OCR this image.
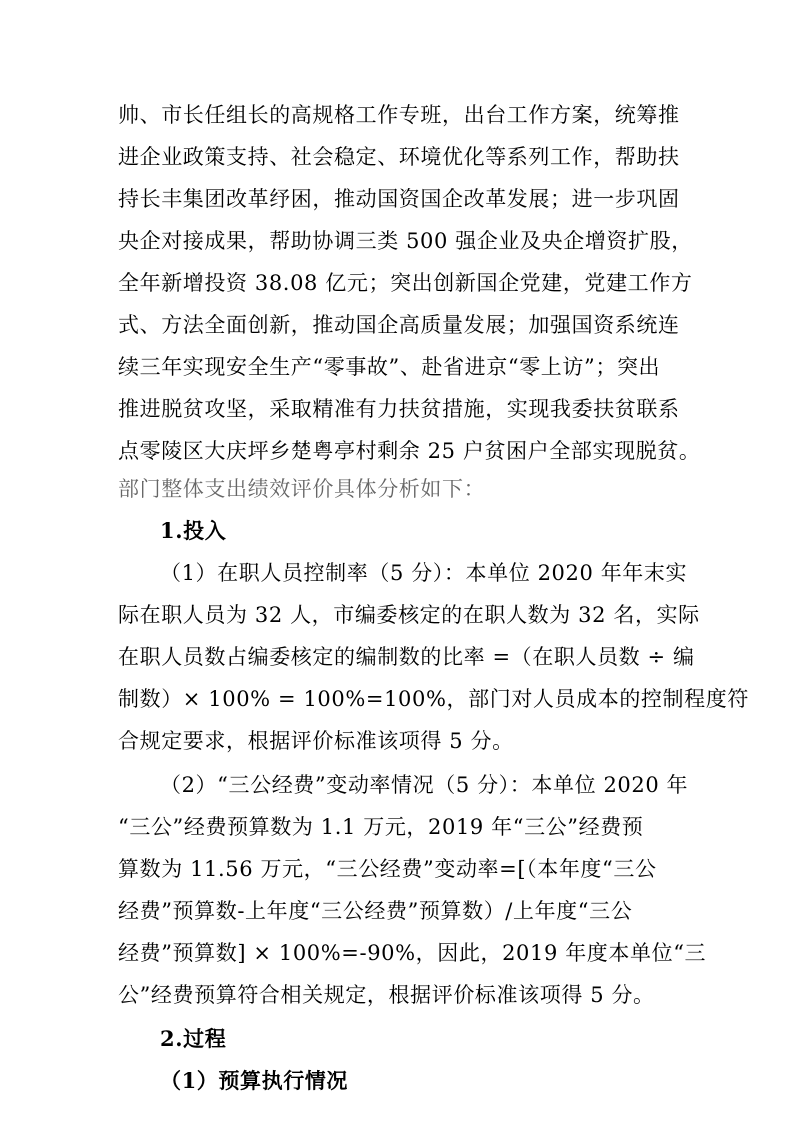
帅、市长任组长的高规格工作专班，出台工作方案，统筹推
进企业政策支持、社会稳定、环境优化等系列工作，帮助扶
持长丰集团改革纾困，推动国资国企改革发展；进一步巩固
央企对接成果，帮助协调三类 500 强企业及央企增资扩股，
全年新增投资 38.08 亿元；突出创新国企党建，党建工作方
式、方法全面创新，推动国企高质量发展；加强国资系统连
续三年实现安全生产“零事故”、赴省进京“零上访”；突出
推进脱贫攻坚，采取精准有力扶贫措施，实现我委扶贫联系
点零陵区大庆坪乡楚粤亭村剩余 25 户贫困户全部实现脱贫。
部门整体支出绩效评价具体分析如下：
1.投入
（1）在职人员控制率（5 分）：本单位 2020 年年末实
际在职人员为 32 人，市编委核定的在职人数为 32 名，实际
在职人员数占编委核定的编制数的比率 =（在职人员数 ÷ 编
制数）× 100% = 100%=100%，部门对人员成本的控制程度符
合规定要求，根据评价标准该项得 5 分。
（2）“三公经费”变动率情况（5 分）：本单位 2020 年
“三公”经费预算数为 1.1 万元，2019 年“三公”经费预
算数为 11.56 万元，“三公经费”变动率=[（本年度“三公
经费”预算数-上年度“三公经费”预算数）/上年度“三公
经费”预算数] × 100%=-90%，因此，2019 年度本单位“三
公”经费预算符合相关规定，根据评价标准该项得 5 分。
2.过程
（1）预算执行情况
